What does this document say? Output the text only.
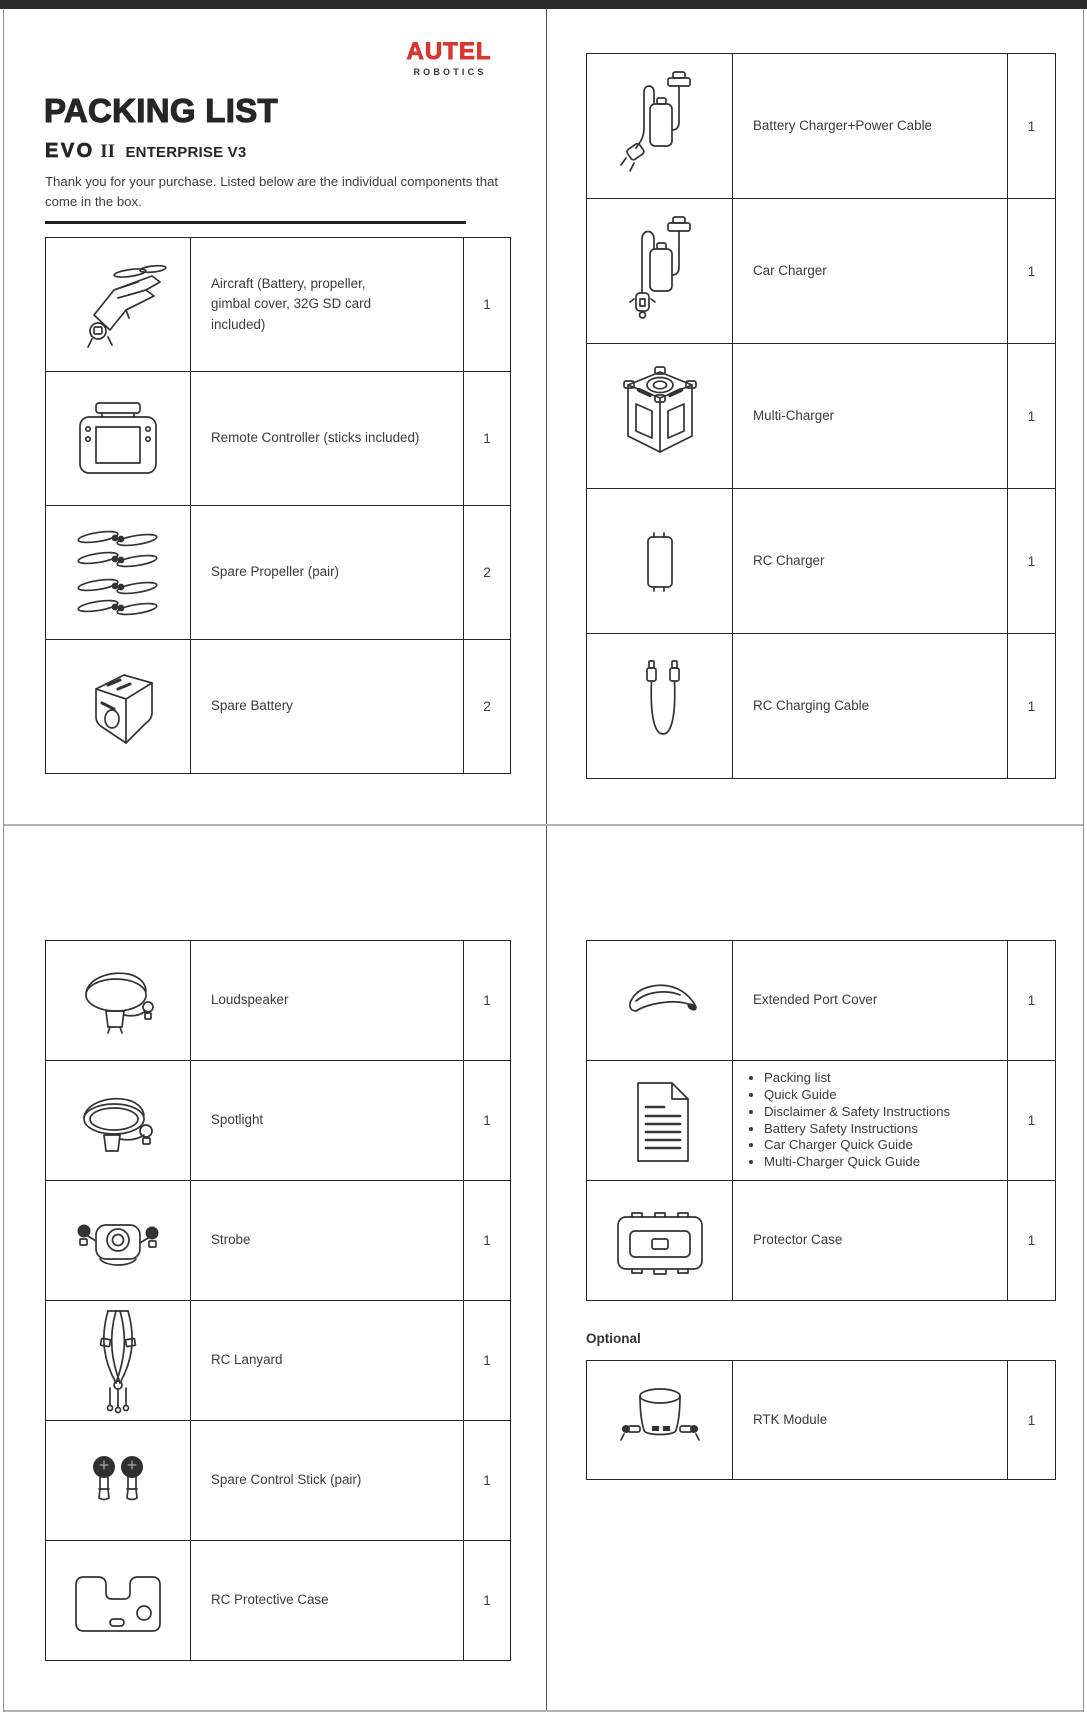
AUTEL
ROBOTICS
PACKING LIST
EVO II ENTERPRISE V3

Thank you for your purchase. Listed below are the individual components that come in the box.

Aircraft (Battery, propeller,
gimbal cover, 32G SD card
included)	1

	Remote Controller (sticks included)	1

	Spare Propeller (pair)	2

	Spare Battery	2
	Battery Charger+Power Cable	1

	Car Charger	1

	Multi-Charger	1

	RC Charger	1

	RC Charging Cable	1
	Loudspeaker	1

	Spotlight	1

	Strobe	1

	RC Lanyard	1

	Spare Control Stick (pair)	1

	RC Protective Case	1
	Extended Port Cover	1

• Packing list
• Quick Guide
• Disclaimer & Safety Instructions
• Battery Safety Instructions
• Car Charger Quick Guide
• Multi-Charger Quick Guide
	1

	Protector Case	1
Optional
	RTK Module	1
